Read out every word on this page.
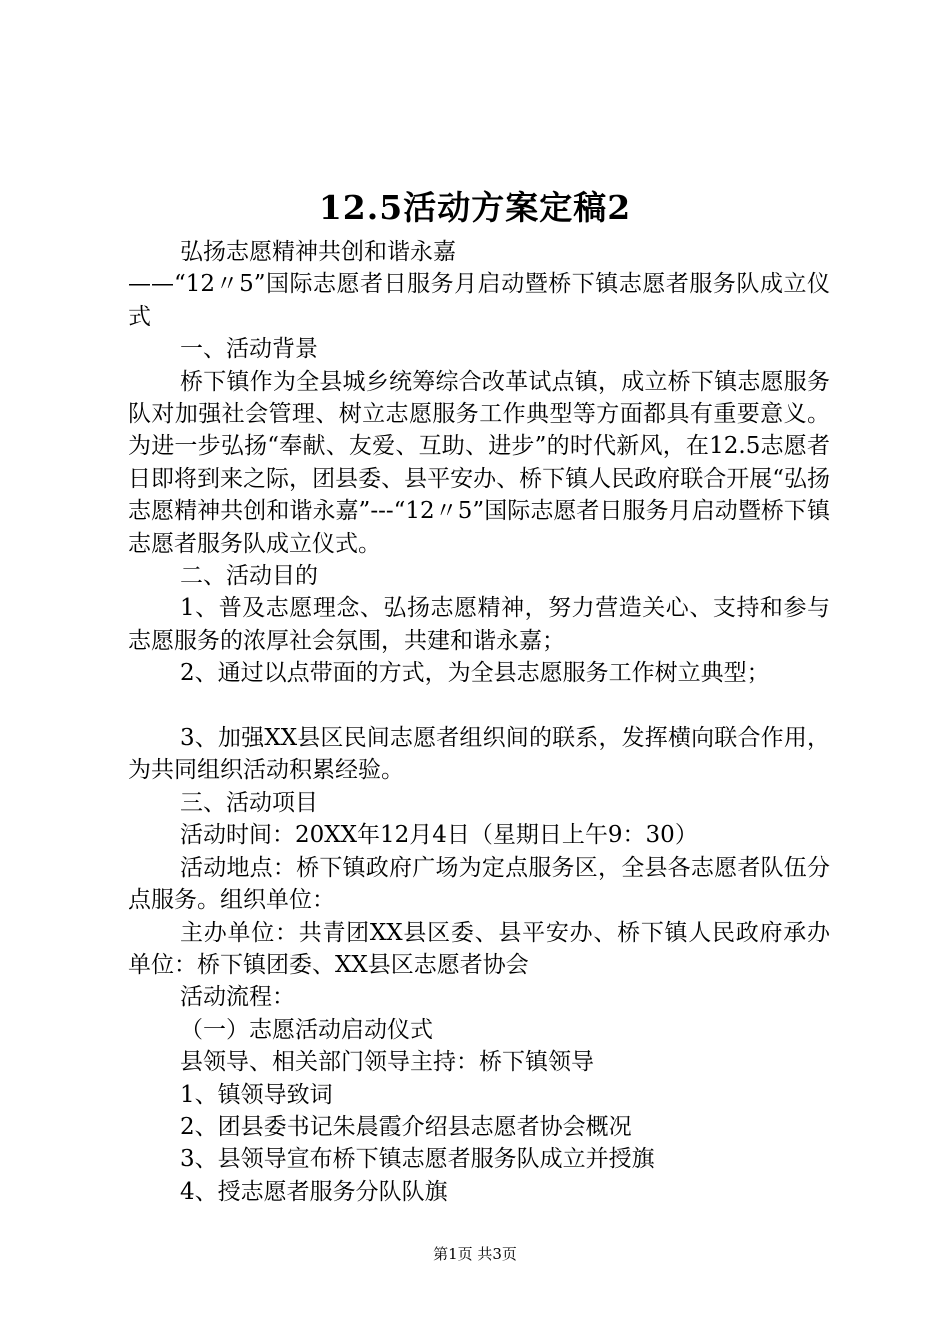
12.5活动方案定稿2

弘扬志愿精神共创和谐永嘉

——“12〃5”国际志愿者日服务月启动暨桥下镇志愿者服务队成立仪式

一、活动背景

桥下镇作为全县城乡统筹综合改革试点镇，成立桥下镇志愿服务队对加强社会管理、树立志愿服务工作典型等方面都具有重要意义。为进一步弘扬“奉献、友爱、互助、进步”的时代新风，在12.5志愿者日即将到来之际，团县委、县平安办、桥下镇人民政府联合开展“弘扬志愿精神共创和谐永嘉”---“12〃5”国际志愿者日服务月启动暨桥下镇志愿者服务队成立仪式。

二、活动目的

1、普及志愿理念、弘扬志愿精神，努力营造关心、支持和参与志愿服务的浓厚社会氛围，共建和谐永嘉；

2、通过以点带面的方式，为全县志愿服务工作树立典型；

3、加强XX县区民间志愿者组织间的联系，发挥横向联合作用，为共同组织活动积累经验。

三、活动项目

活动时间：20XX年12月4日（星期日上午9：30）

活动地点：桥下镇政府广场为定点服务区，全县各志愿者队伍分点服务。组织单位：

主办单位：共青团XX县区委、县平安办、桥下镇人民政府承办单位：桥下镇团委、XX县区志愿者协会

活动流程：

（一）志愿活动启动仪式

县领导、相关部门领导主持：桥下镇领导

1、镇领导致词

2、团县委书记朱晨霞介绍县志愿者协会概况

3、县领导宣布桥下镇志愿者服务队成立并授旗

4、授志愿者服务分队队旗

第1页 共3页
